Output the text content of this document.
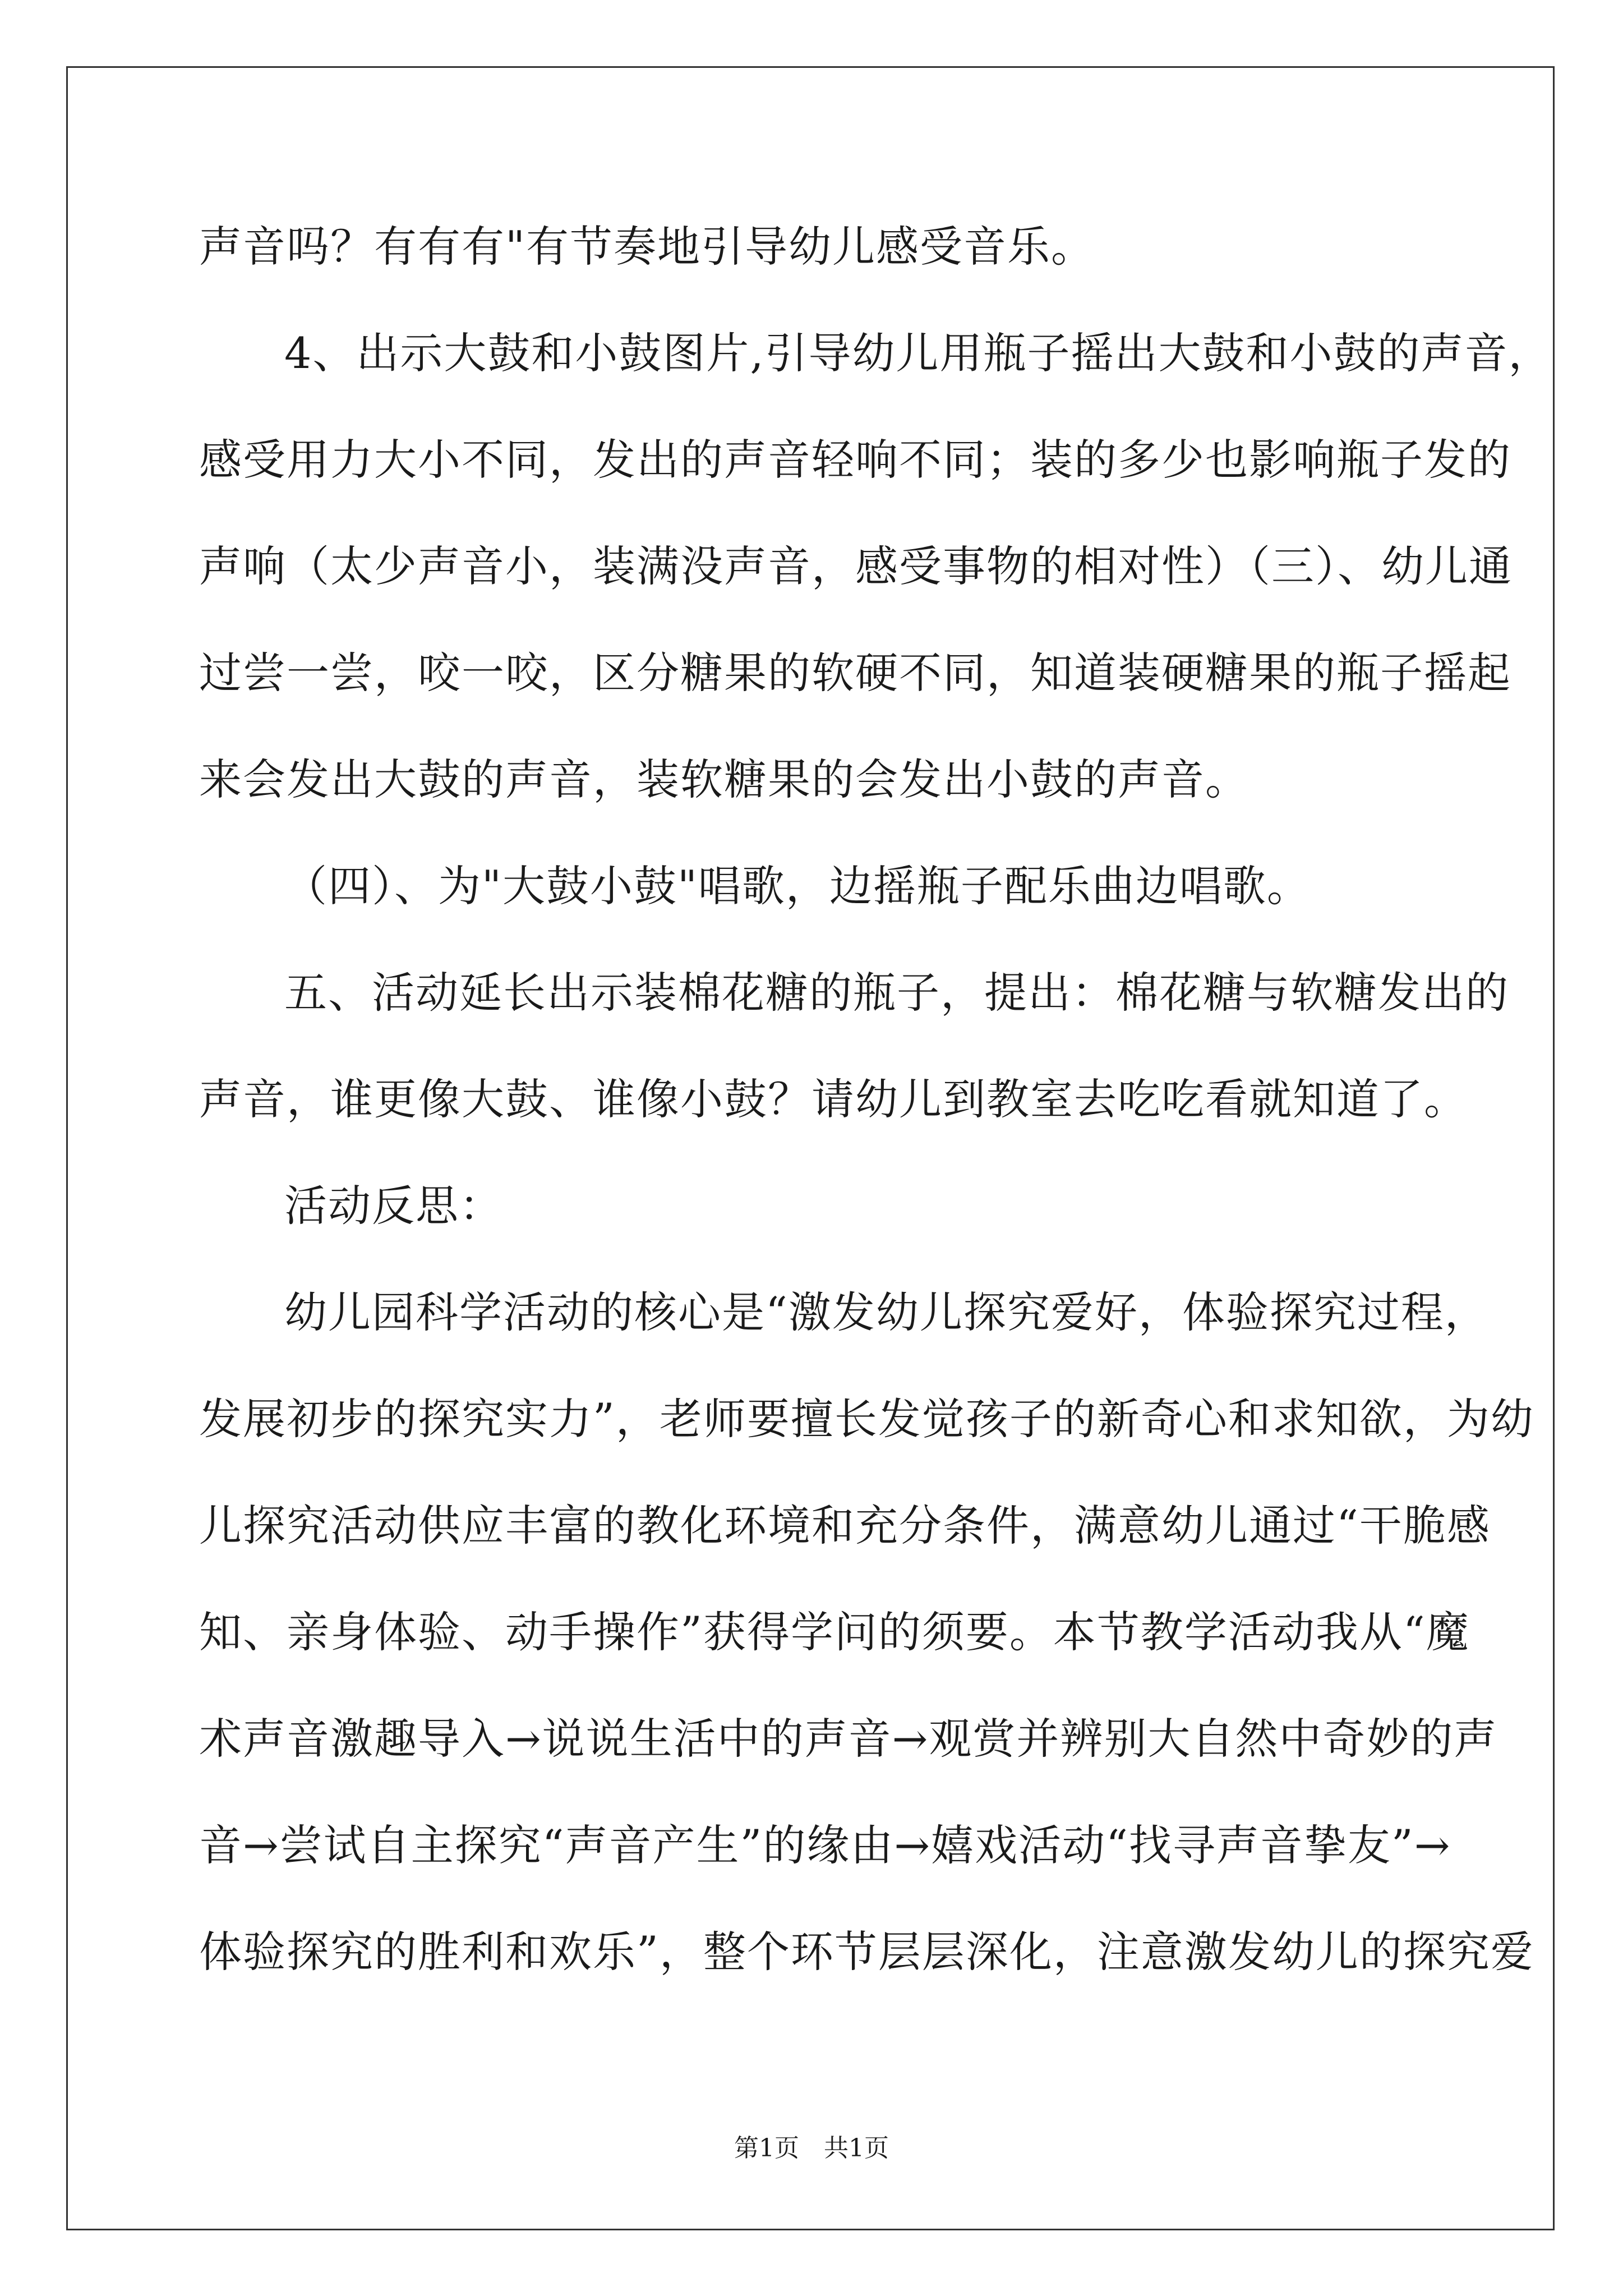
声音吗？有有有"有节奏地引导幼儿感受音乐。
4、出示大鼓和小鼓图片,引导幼儿用瓶子摇出大鼓和小鼓的声音，
感受用力大小不同，发出的声音轻响不同；装的多少也影响瓶子发的
声响（太少声音小，装满没声音，感受事物的相对性）（三）、幼儿通
过尝一尝，咬一咬，区分糖果的软硬不同，知道装硬糖果的瓶子摇起
来会发出大鼓的声音，装软糖果的会发出小鼓的声音。
（四）、为"大鼓小鼓"唱歌，边摇瓶子配乐曲边唱歌。
五、活动延长出示装棉花糖的瓶子，提出：棉花糖与软糖发出的
声音，谁更像大鼓、谁像小鼓？请幼儿到教室去吃吃看就知道了。
活动反思：
幼儿园科学活动的核心是“激发幼儿探究爱好，体验探究过程，
发展初步的探究实力”，老师要擅长发觉孩子的新奇心和求知欲，为幼
儿探究活动供应丰富的教化环境和充分条件，满意幼儿通过“干脆感
知、亲身体验、动手操作”获得学问的须要。本节教学活动我从“魔
术声音激趣导入→说说生活中的声音→观赏并辨别大自然中奇妙的声
音→尝试自主探究“声音产生”的缘由→嬉戏活动“找寻声音挚友”→
体验探究的胜利和欢乐”，整个环节层层深化，注意激发幼儿的探究爱
第1页 共1页
